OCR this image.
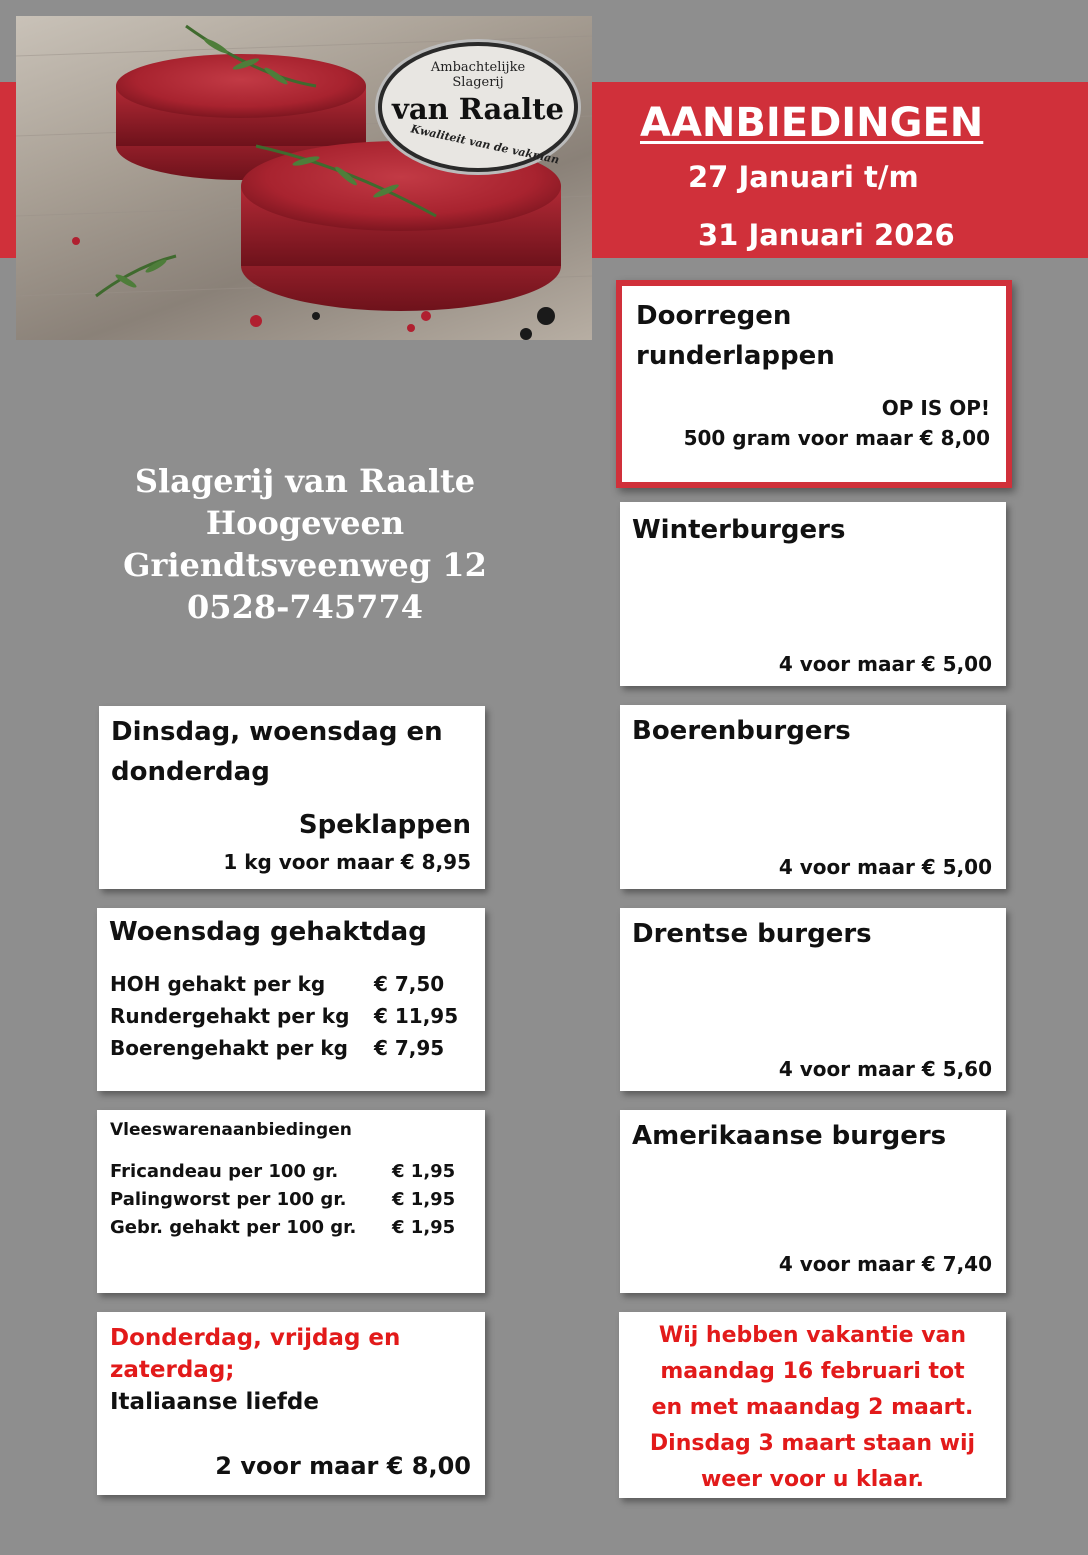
Ambachtelijke
Slagerij
van Raalte
Kwaliteit van de vakman AANBIEDINGEN
27 Januari t/m
31 Januari 2026
Slagerij van Raalte Hoogeveen
Griendtsveenweg 12
0528-745774
Doorregen
runderlappen
OP IS OP!
500 gram voor maar € 8,00
Winterburgers
4 voor maar € 5,00
Boerenburgers
4 voor maar € 5,00
Drentse burgers
4 voor maar € 5,60
Amerikaanse burgers
4 voor maar € 7,40
Wij hebben vakantie van
maandag 16 februari tot
en met maandag 2 maart.
Dinsdag 3 maart staan wij
weer voor u klaar.
Dinsdag, woensdag en
donderdag
Speklappen
1 kg voor maar € 8,95
Woensdag gehaktdag
HOH gehakt per kg	€ 7,50
Rundergehakt per kg	€ 11,95
Boerengehakt per kg	€ 7,95
Vleeswarenaanbiedingen
Fricandeau per 100 gr.	€ 1,95
Palingworst per 100 gr.	€ 1,95
Gebr. gehakt per 100 gr.	€ 1,95
Donderdag, vrijdag en
zaterdag;
Italiaanse liefde
2 voor maar € 8,00
